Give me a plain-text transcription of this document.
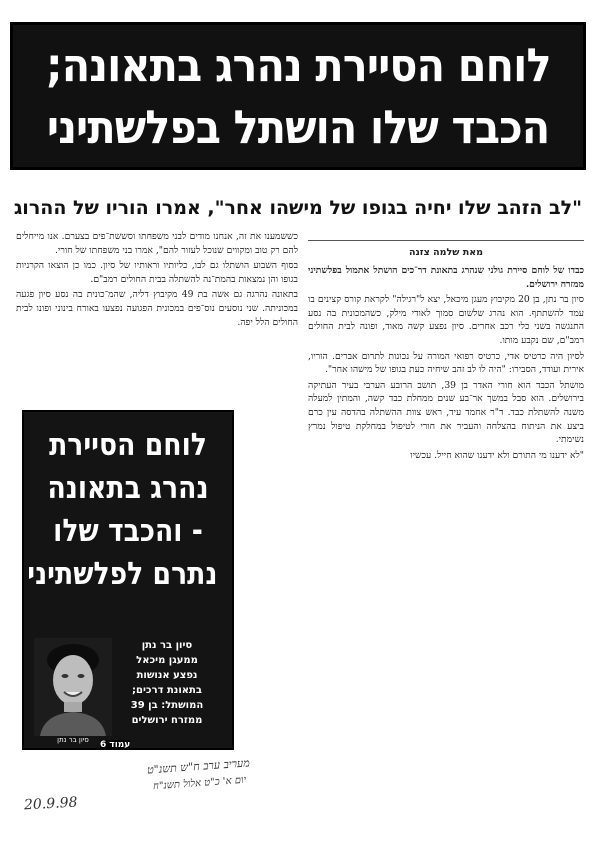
לוחם הסיירת נהרג בתאונה;
הכבד שלו הושתל בפלשתיני
"לב הזהב שלו יחיה בגופו של מישהו אחר", אמרו הוריו של ההרוג
מאת שלמה צזנה

כבדו של לוחם סיירת גולני שנהרג בתאונת דר־כים הושתל אתמול בפלשתיני ממזרח ירושלים.

סיון בר נתן, בן 20 מקיבוץ מעגן מיכאל, יצא ל"רגילה" לקראת קורס קצינים בו עמד להשתתף. הוא נהרג שלשום סמוך לאודי מילק, כשהמכונית בה נסע התנגשה בשני כלי רכב אחרים. סיון נפצע קשה מאוד, ופונה לבית החולים רמב"ם, שם נקבע מותו.

לסיון היה כרטיס אדי, כרטיס רפואי המורה על נכונות לתרום אברים. הוריו, אירית ועודד, הסבירו: "היה לו לב זהב שיחיה כעת בגופו של מישהו אחר".

מושתל הכבד הוא חורי האדר בן 39, תושב הרובע הערבי בעיר העתיקה בירושלים. הוא סבל במשך אר־בע שנים ממחלת כבד קשה, והמתין למעלה משנה להשתלת כבד. ד"ר אחמד עיד, ראש צוות ההשתלה בהדסה עין כרם ביצע את הניתוח בהצלחה והעביר את חורי לטיפול במחלקת טיפול נמרץ נשימתי.

"לא ידענו מי התורם ולא ידענו שהוא חייל. עכשיו

כששמענו את זה, אנחנו מודים לבני משפחתו וסששת־פים בצערם. אנו מייחלים להם רק טוב ומקווים שנוכל לעזור להם", אמרו בני משפחתו של חורי.

בסוף השבוע הושתלו גם לבו, כליותיו וראותיו של סיון. כמו כן הוצאו הקרניות בגופו והן נמצאות בהמת־נה להשתלה בבית החולים רמב"ם.

בתאונה נהרגה גם אשה בת 49 מקיבוץ דליה, שהמ־כונית בה נסע סיון פגעה במכוניתה. שני נוסעים נוס־פים במכונית הפגועה נפצעו באורח בינוני ופונו לבית החולים הלל יפה.

לוחם הסיירת
נהרג בתאונה
- והכבד שלו
נתרם לפלשתיני
סיון בר נתן
ממעגן מיכאל
נפצע אנושות
בתאונת דרכים;
המושתל: בן 39
ממזרח ירושלים
סיון בר נתן	עמוד 6
מעריב ערב ח"ש תשנ"ט
יום א' כ"ט אלול תשנ"ח
20.9.98
